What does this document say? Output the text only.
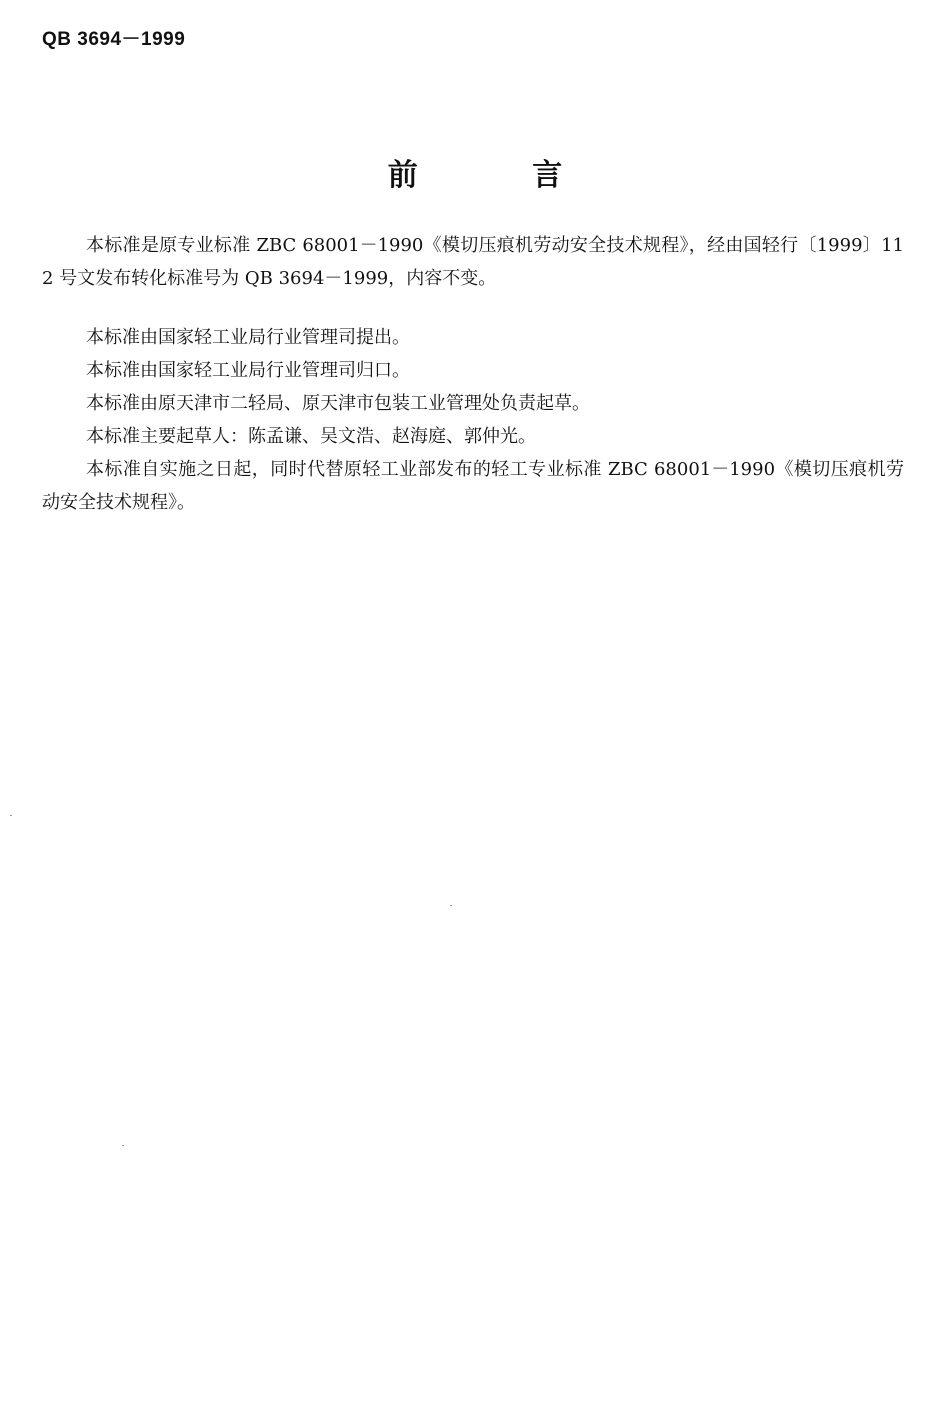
QB 3694－1999
前 言

本标准是原专业标准 ZBC 68001－1990《模切压痕机劳动安全技术规程》，经由国轻行〔1999〕112 号文发布转化标准号为 QB 3694－1999，内容不变。

本标准由国家轻工业局行业管理司提出。

本标准由国家轻工业局行业管理司归口。

本标准由原天津市二轻局、原天津市包装工业管理处负责起草。

本标准主要起草人：陈孟谦、吴文浩、赵海庭、郭仲光。

本标准自实施之日起，同时代替原轻工业部发布的轻工专业标准 ZBC 68001－1990《模切压痕机劳动安全技术规程》。
